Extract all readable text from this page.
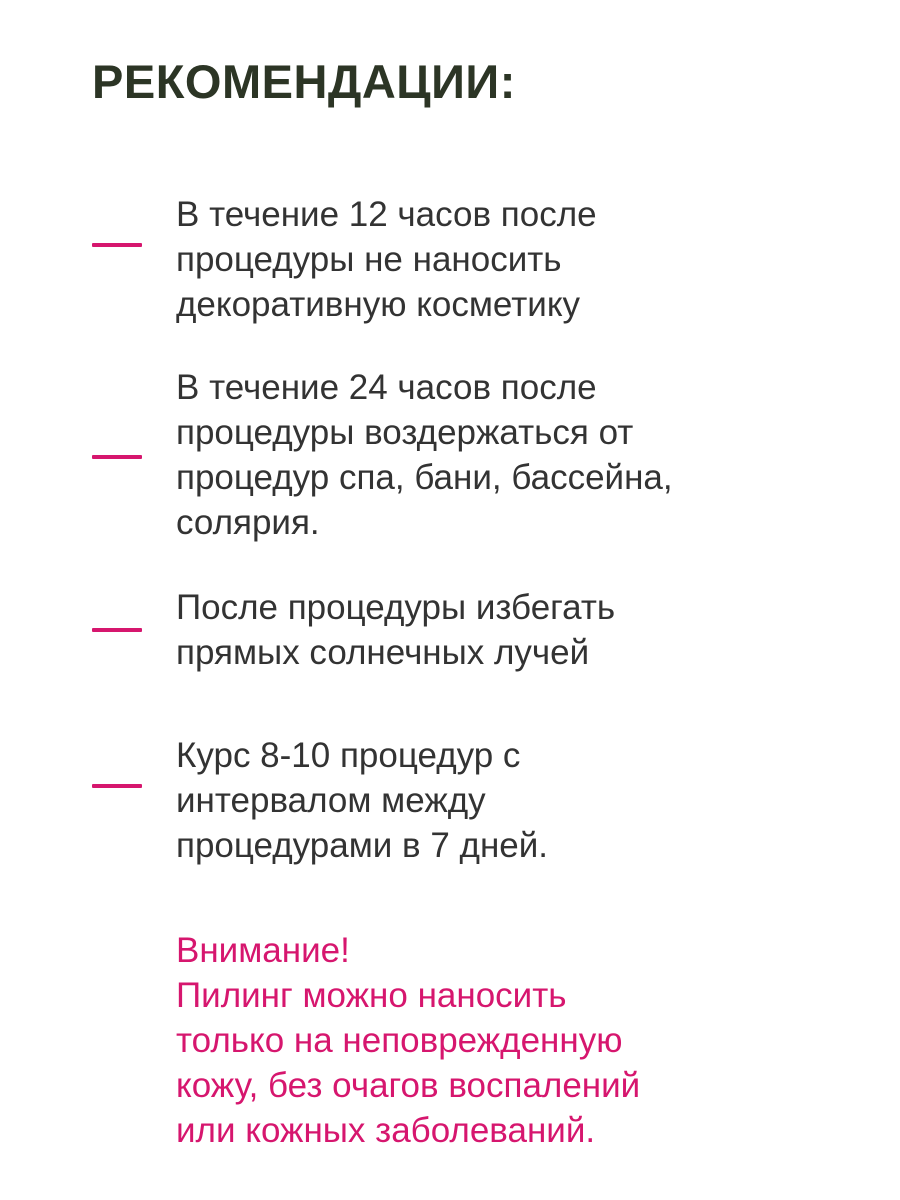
РЕКОМЕНДАЦИИ:

В течение 12 часов после
процедуры не наносить
декоративную косметику

В течение 24 часов после
процедуры воздержаться от
процедур спа, бани, бассейна,
солярия.

После процедуры избегать
прямых солнечных лучей

Курс 8-10 процедур с
интервалом между
процедурами в 7 дней.

Внимание!
Пилинг можно наносить
только на неповрежденную
кожу, без очагов воспалений
или кожных заболеваний.
